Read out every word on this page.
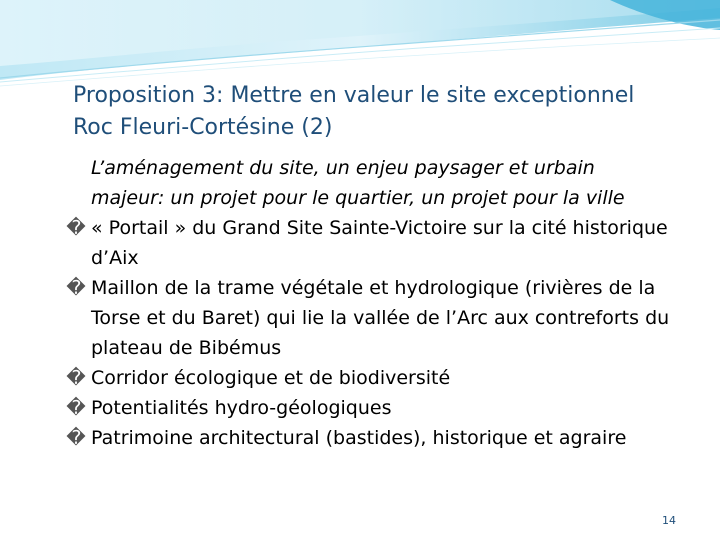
Proposition 3: Mettre en valeur le site exceptionnel
Roc Fleuri-Cortésine (2)
L’aménagement du site, un enjeu paysager et urbain
majeur: un projet pour le quartier, un projet pour la ville
� « Portail » du Grand Site Sainte-Victoire sur la cité historique d’Aix
� Maillon de la trame végétale et hydrologique (rivières de la Torse et du Baret) qui lie la vallée de l’Arc aux contreforts du plateau de Bibémus
� Corridor écologique et de biodiversité
� Potentialités hydro-géologiques
� Patrimoine architectural (bastides), historique et agraire
14
